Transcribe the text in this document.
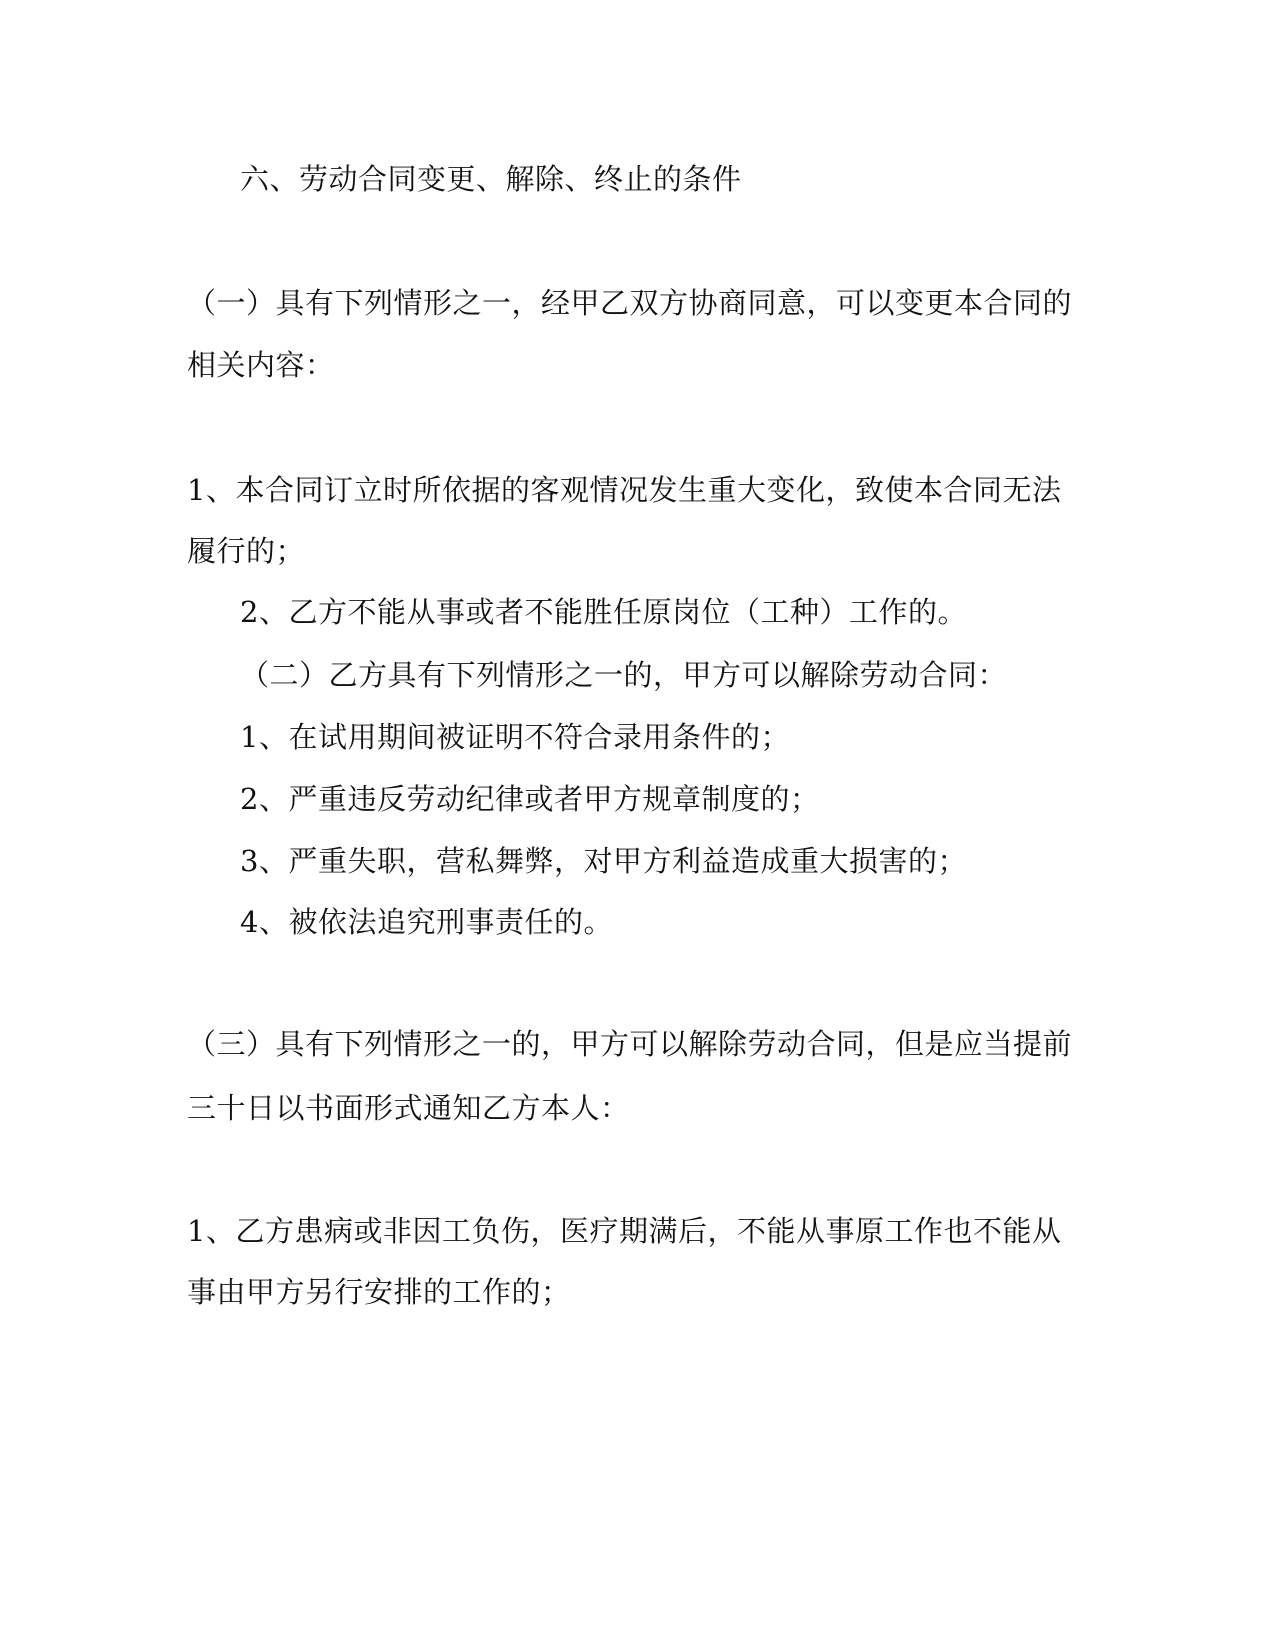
六、劳动合同变更、解除、终止的条件
（一）具有下列情形之一，经甲乙双方协商同意，可以变更本合同的
相关内容：
1、本合同订立时所依据的客观情况发生重大变化，致使本合同无法
履行的；
2、乙方不能从事或者不能胜任原岗位（工种）工作的。
（二）乙方具有下列情形之一的，甲方可以解除劳动合同：
1、在试用期间被证明不符合录用条件的；
2、严重违反劳动纪律或者甲方规章制度的；
3、严重失职，营私舞弊，对甲方利益造成重大损害的；
4、被依法追究刑事责任的。
（三）具有下列情形之一的，甲方可以解除劳动合同，但是应当提前
三十日以书面形式通知乙方本人：
1、乙方患病或非因工负伤，医疗期满后，不能从事原工作也不能从
事由甲方另行安排的工作的；
